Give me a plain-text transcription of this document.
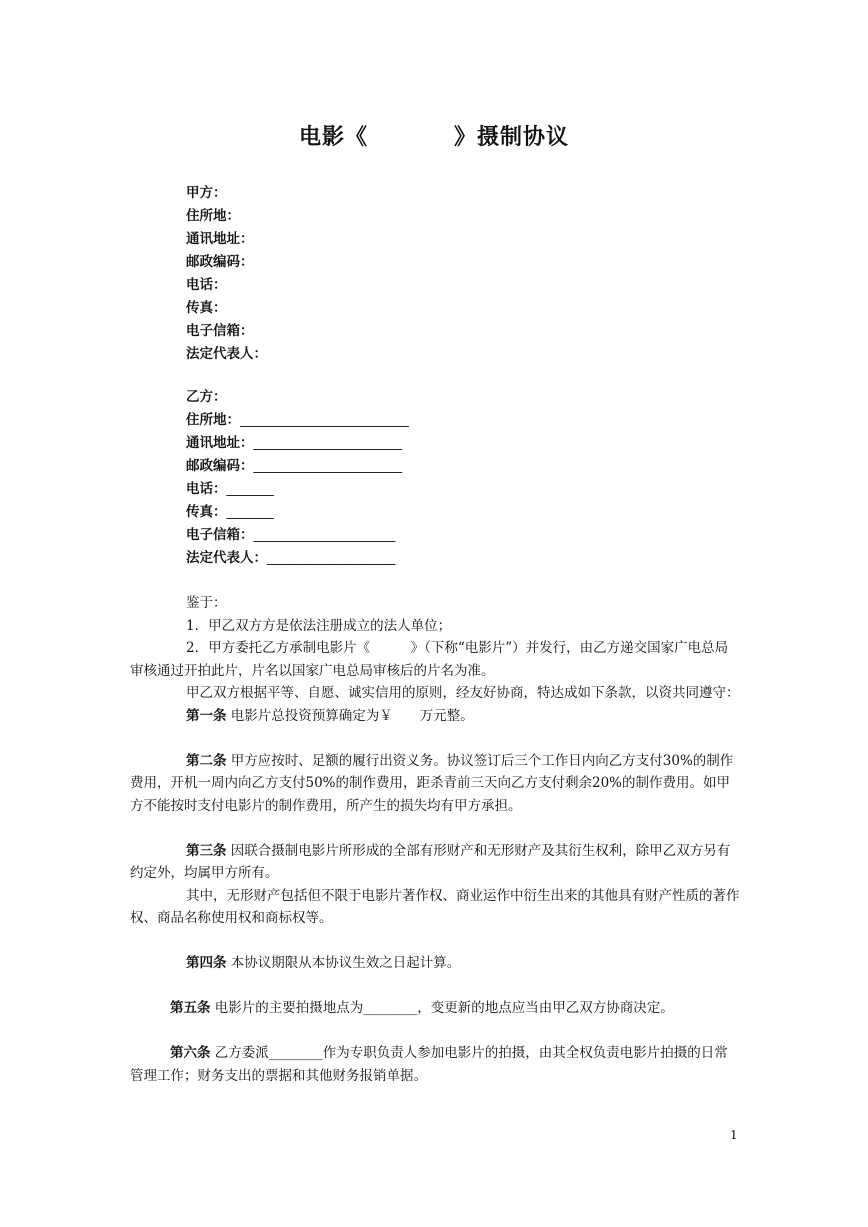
电影《	》摄制协议
甲方：
住所地：
通讯地址：
邮政编码：
电话：
传真：
电子信箱：
法定代表人：
乙方：
住所地：_________________________
通讯地址：______________________
邮政编码：______________________
电话：_______
传真：_______
电子信箱：_____________________
法定代表人：___________________

鉴于：

1．甲乙双方方是依法注册成立的法人单位；

2．甲方委托乙方承制电影片《　　　》（下称“电影片”）并发行，由乙方递交国家广电总局审核通过开拍此片，片名以国家广电总局审核后的片名为准。

甲乙双方根据平等、自愿、诚实信用的原则，经友好协商，特达成如下条款，以资共同遵守：

第一条 电影片总投资预算确定为￥　　万元整。

第二条 甲方应按时、足额的履行出资义务。协议签订后三个工作日内向乙方支付30%的制作费用，开机一周内向乙方支付50%的制作费用，距杀青前三天向乙方支付剩余20%的制作费用。如甲方不能按时支付电影片的制作费用，所产生的损失均有甲方承担。

第三条 因联合摄制电影片所形成的全部有形财产和无形财产及其衍生权利，除甲乙双方另有约定外，均属甲方所有。

其中，无形财产包括但不限于电影片著作权、商业运作中衍生出来的其他具有财产性质的著作权、商品名称使用权和商标权等。

第四条 本协议期限从本协议生效之日起计算。

第五条 电影片的主要拍摄地点为________，变更新的地点应当由甲乙双方协商决定。

第六条 乙方委派________作为专职负责人参加电影片的拍摄，由其全权负责电影片拍摄的日常管理工作；财务支出的票据和其他财务报销单据。

1
